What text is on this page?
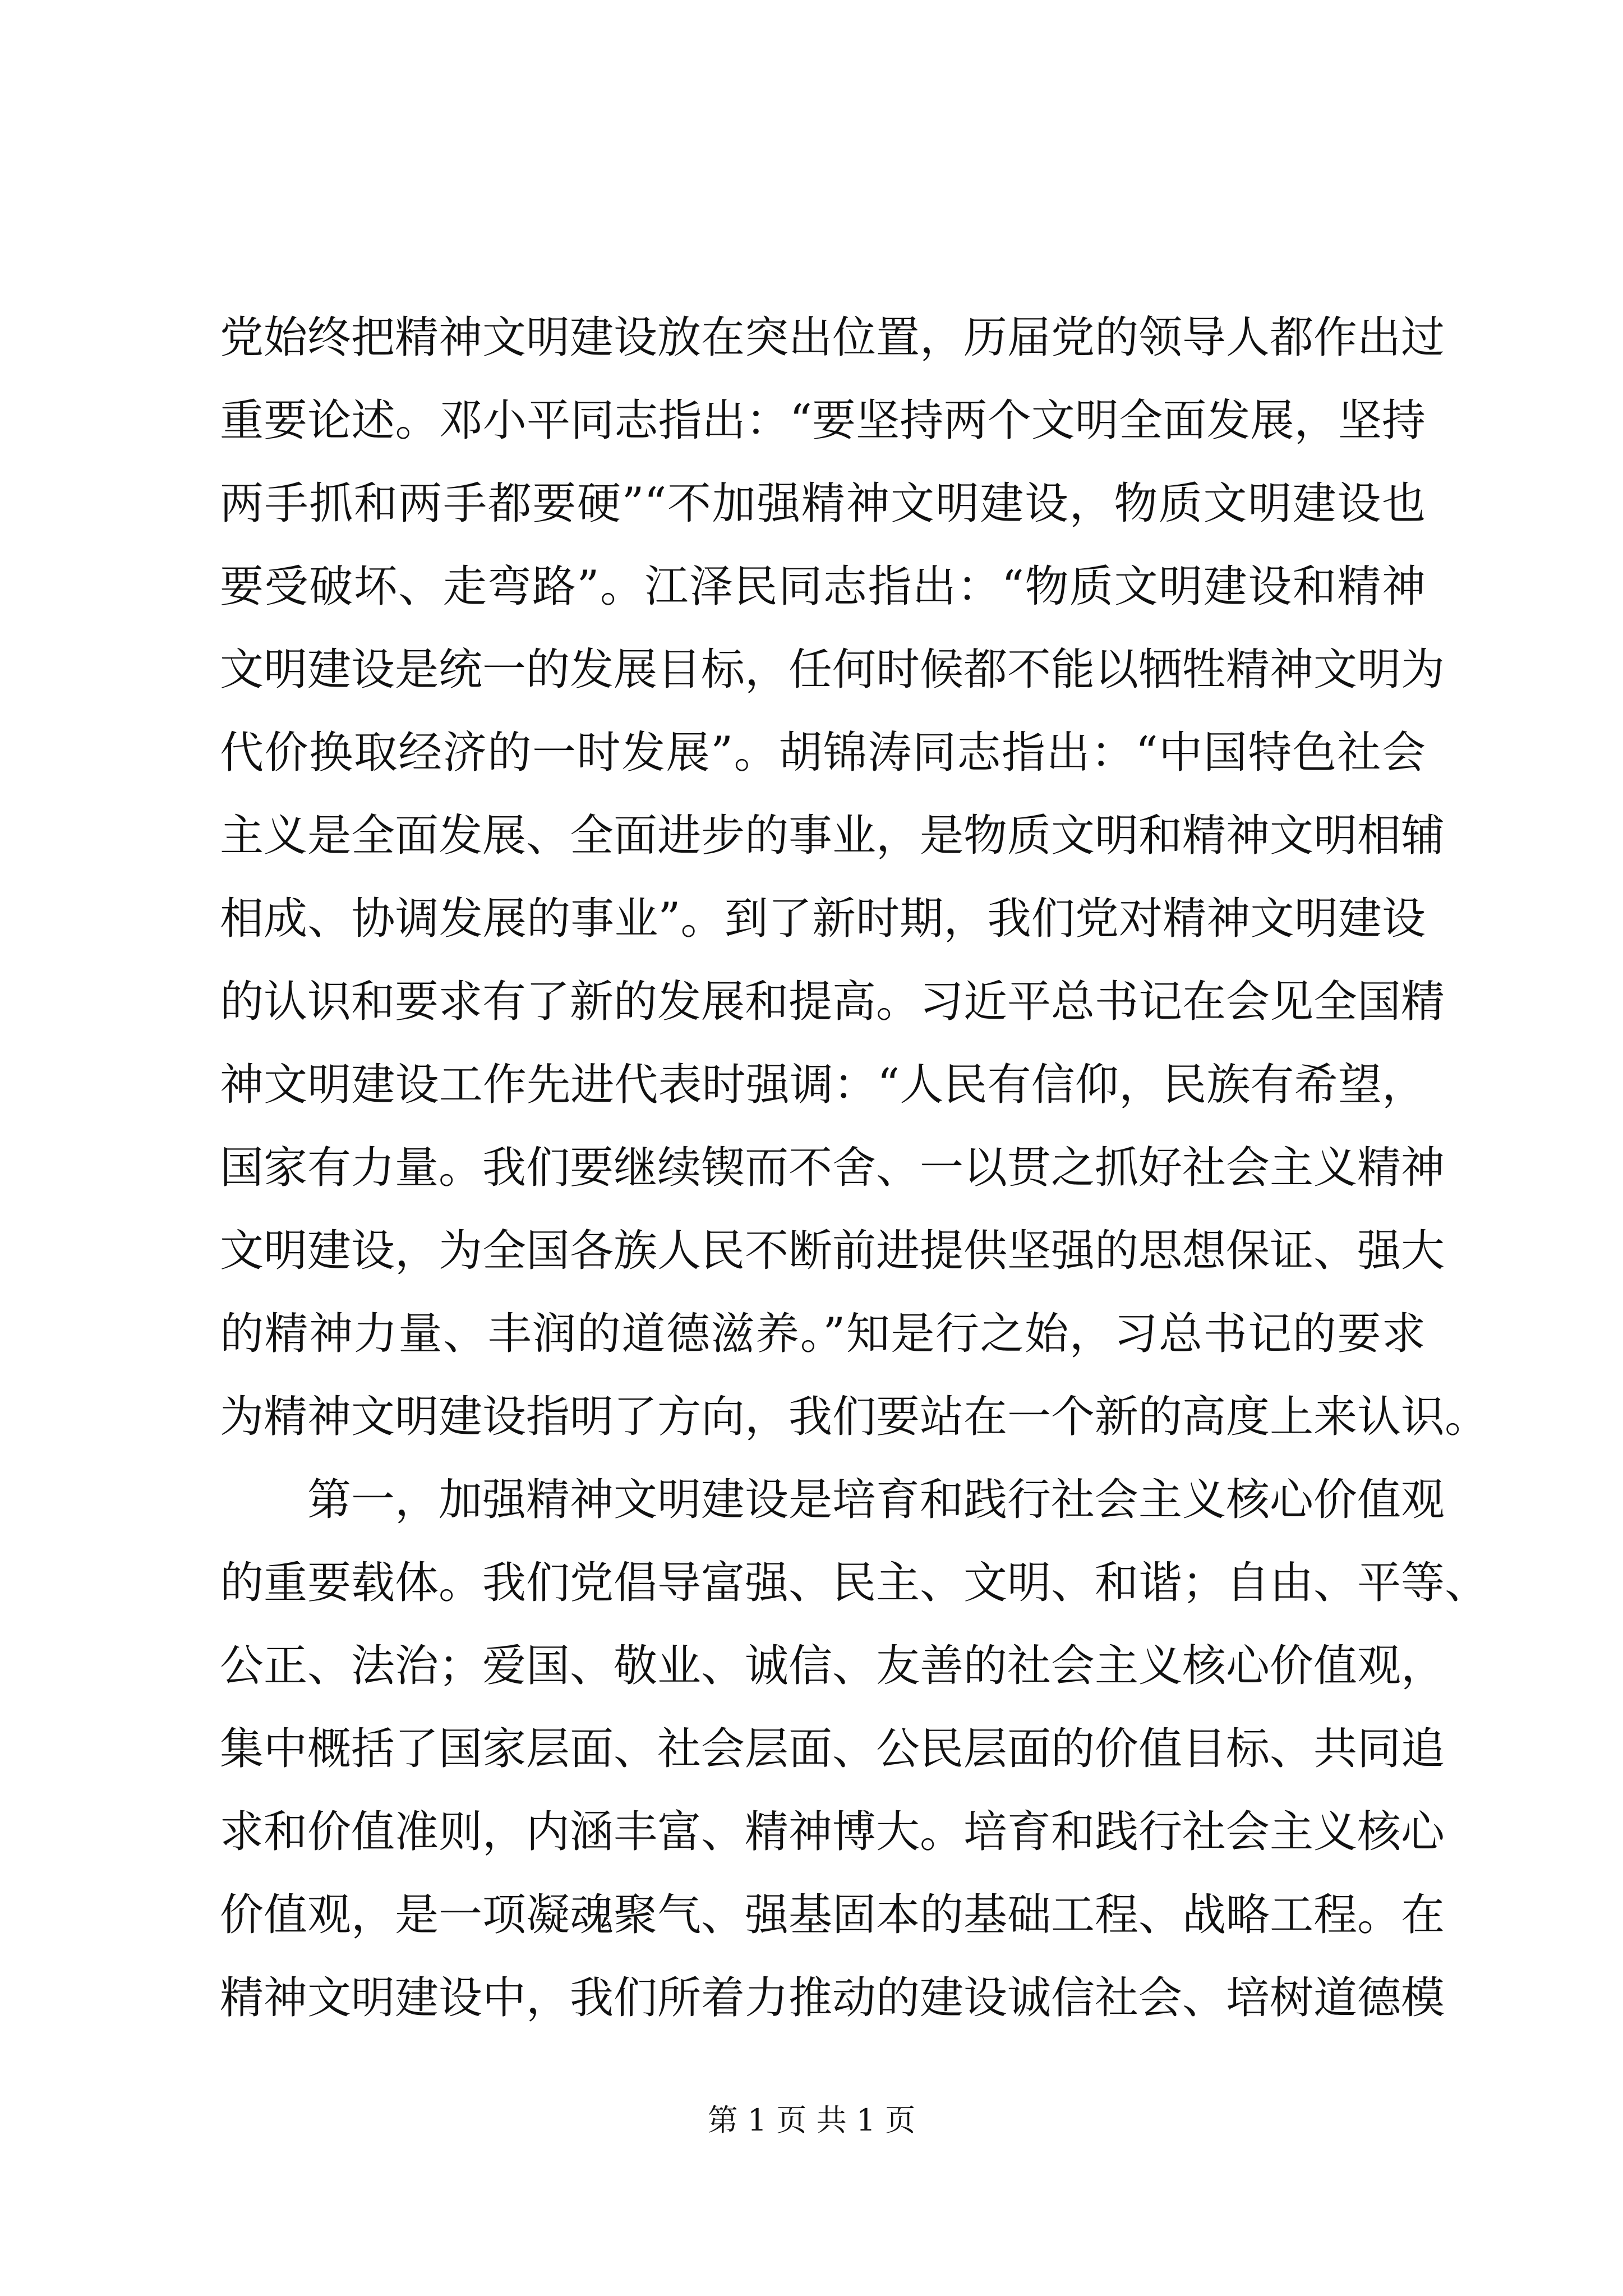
党始终把精神文明建设放在突出位置，历届党的领导人都作出过
重要论述。邓小平同志指出：“要坚持两个文明全面发展，坚持
两手抓和两手都要硬”“不加强精神文明建设，物质文明建设也
要受破坏、走弯路”。江泽民同志指出：“物质文明建设和精神
文明建设是统一的发展目标，任何时候都不能以牺牲精神文明为
代价换取经济的一时发展”。胡锦涛同志指出：“中国特色社会
主义是全面发展、全面进步的事业，是物质文明和精神文明相辅
相成、协调发展的事业”。到了新时期，我们党对精神文明建设
的认识和要求有了新的发展和提高。习近平总书记在会见全国精
神文明建设工作先进代表时强调：“人民有信仰，民族有希望，
国家有力量。我们要继续锲而不舍、一以贯之抓好社会主义精神
文明建设，为全国各族人民不断前进提供坚强的思想保证、强大
的精神力量、丰润的道德滋养。”知是行之始，习总书记的要求
为精神文明建设指明了方向，我们要站在一个新的高度上来认识。
第一，加强精神文明建设是培育和践行社会主义核心价值观
的重要载体。我们党倡导富强、民主、文明、和谐；自由、平等、
公正、法治；爱国、敬业、诚信、友善的社会主义核心价值观，
集中概括了国家层面、社会层面、公民层面的价值目标、共同追
求和价值准则，内涵丰富、精神博大。培育和践行社会主义核心
价值观，是一项凝魂聚气、强基固本的基础工程、战略工程。在
精神文明建设中，我们所着力推动的建设诚信社会、培树道德模
第 1 页 共 1 页
